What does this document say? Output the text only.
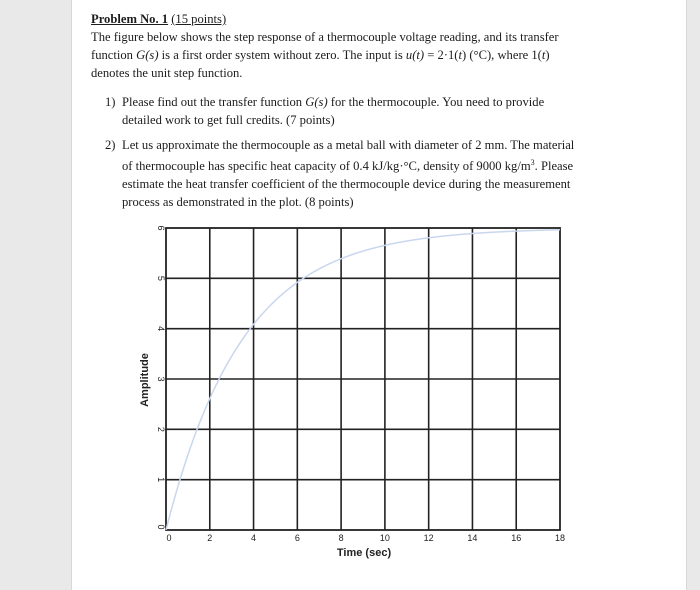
Problem No. 1 (15 points)
The figure below shows the step response of a thermocouple voltage reading, and its transfer
function G(s) is a first order system without zero. The input is u(t) = 2·1(t) (°C), where 1(t)
denotes the unit step function.
1) Please find out the transfer function G(s) for the thermocouple. You need to provide
detailed work to get full credits. (7 points)
2) Let us approximate the thermocouple as a metal ball with diameter of 2 mm. The material
of thermocouple has specific heat capacity of 0.4 kJ/kg·°C, density of 9000 $kg/m^3$. Please
estimate the heat transfer coefficient of the thermocouple device during the measurement
process as demonstrated in the plot. (8 points)
0	2	4	6	8	10	12	14	16	18
0
1
2
3
4
5
6
Time (sec)
Amplitude
